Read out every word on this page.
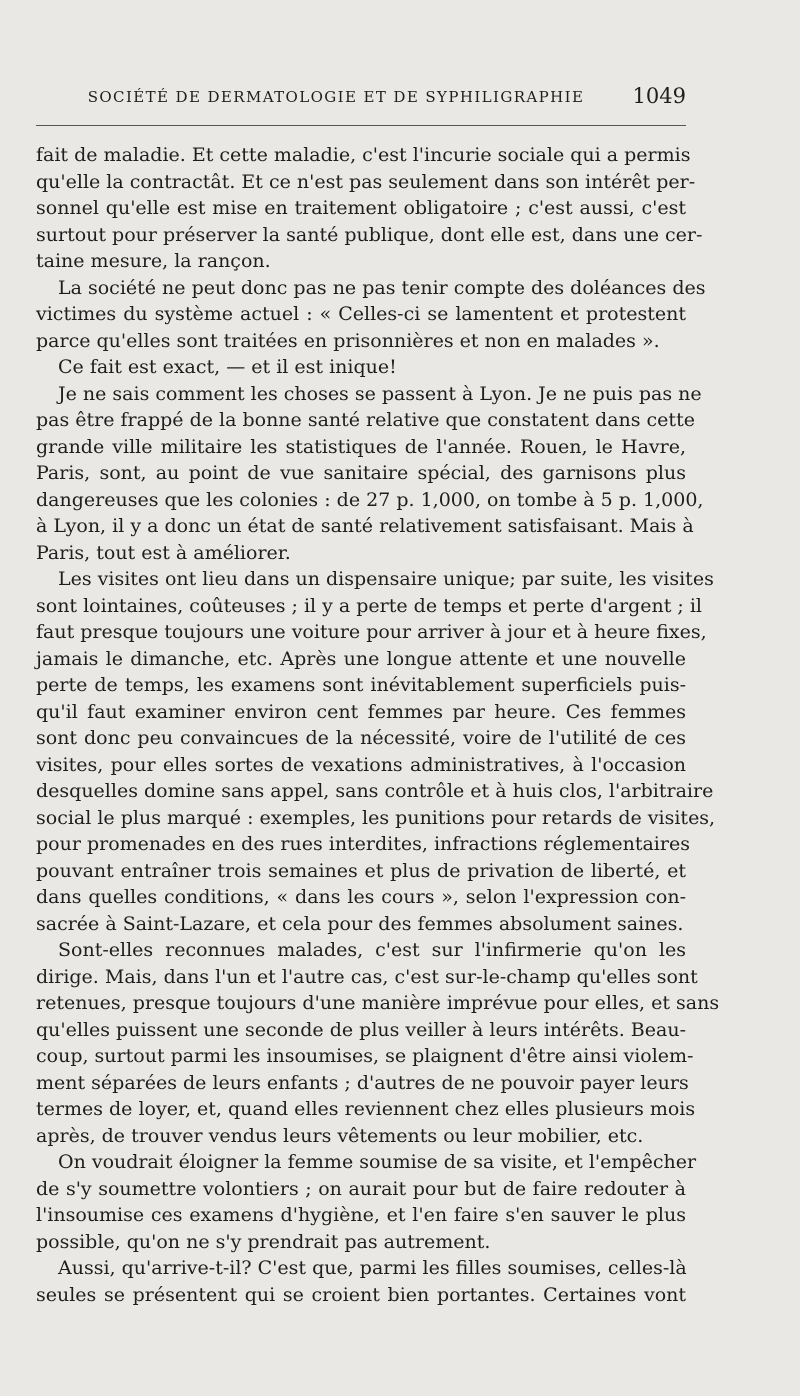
SOCIÉTÉ DE DERMATOLOGIE ET DE SYPHILIGRAPHIE	1049
fait de maladie. Et cette maladie, c'est l'incurie sociale qui a permis
qu'elle la contractât. Et ce n'est pas seulement dans son intérêt per-
sonnel qu'elle est mise en traitement obligatoire ; c'est aussi, c'est
surtout pour préserver la santé publique, dont elle est, dans une cer-
taine mesure, la rançon.
La société ne peut donc pas ne pas tenir compte des doléances des
victimes du système actuel : « Celles-ci se lamentent et protestent
parce qu'elles sont traitées en prisonnières et non en malades ».
Ce fait est exact, — et il est inique!
Je ne sais comment les choses se passent à Lyon. Je ne puis pas ne
pas être frappé de la bonne santé relative que constatent dans cette
grande ville militaire les statistiques de l'année. Rouen, le Havre,
Paris, sont, au point de vue sanitaire spécial, des garnisons plus
dangereuses que les colonies : de 27 p. 1,000, on tombe à 5 p. 1,000,
à Lyon, il y a donc un état de santé relativement satisfaisant. Mais à
Paris, tout est à améliorer.
Les visites ont lieu dans un dispensaire unique; par suite, les visites
sont lointaines, coûteuses ; il y a perte de temps et perte d'argent ; il
faut presque toujours une voiture pour arriver à jour et à heure fixes,
jamais le dimanche, etc. Après une longue attente et une nouvelle
perte de temps, les examens sont inévitablement superficiels puis-
qu'il faut examiner environ cent femmes par heure. Ces femmes
sont donc peu convaincues de la nécessité, voire de l'utilité de ces
visites, pour elles sortes de vexations administratives, à l'occasion
desquelles domine sans appel, sans contrôle et à huis clos, l'arbitraire
social le plus marqué : exemples, les punitions pour retards de visites,
pour promenades en des rues interdites, infractions réglementaires
pouvant entraîner trois semaines et plus de privation de liberté, et
dans quelles conditions, « dans les cours », selon l'expression con-
sacrée à Saint-Lazare, et cela pour des femmes absolument saines.
Sont-elles reconnues malades, c'est sur l'infirmerie qu'on les
dirige. Mais, dans l'un et l'autre cas, c'est sur-le-champ qu'elles sont
retenues, presque toujours d'une manière imprévue pour elles, et sans
qu'elles puissent une seconde de plus veiller à leurs intérêts. Beau-
coup, surtout parmi les insoumises, se plaignent d'être ainsi violem-
ment séparées de leurs enfants ; d'autres de ne pouvoir payer leurs
termes de loyer, et, quand elles reviennent chez elles plusieurs mois
après, de trouver vendus leurs vêtements ou leur mobilier, etc.
On voudrait éloigner la femme soumise de sa visite, et l'empêcher
de s'y soumettre volontiers ; on aurait pour but de faire redouter à
l'insoumise ces examens d'hygiène, et l'en faire s'en sauver le plus
possible, qu'on ne s'y prendrait pas autrement.
Aussi, qu'arrive-t-il? C'est que, parmi les filles soumises, celles-là
seules se présentent qui se croient bien portantes. Certaines vont
